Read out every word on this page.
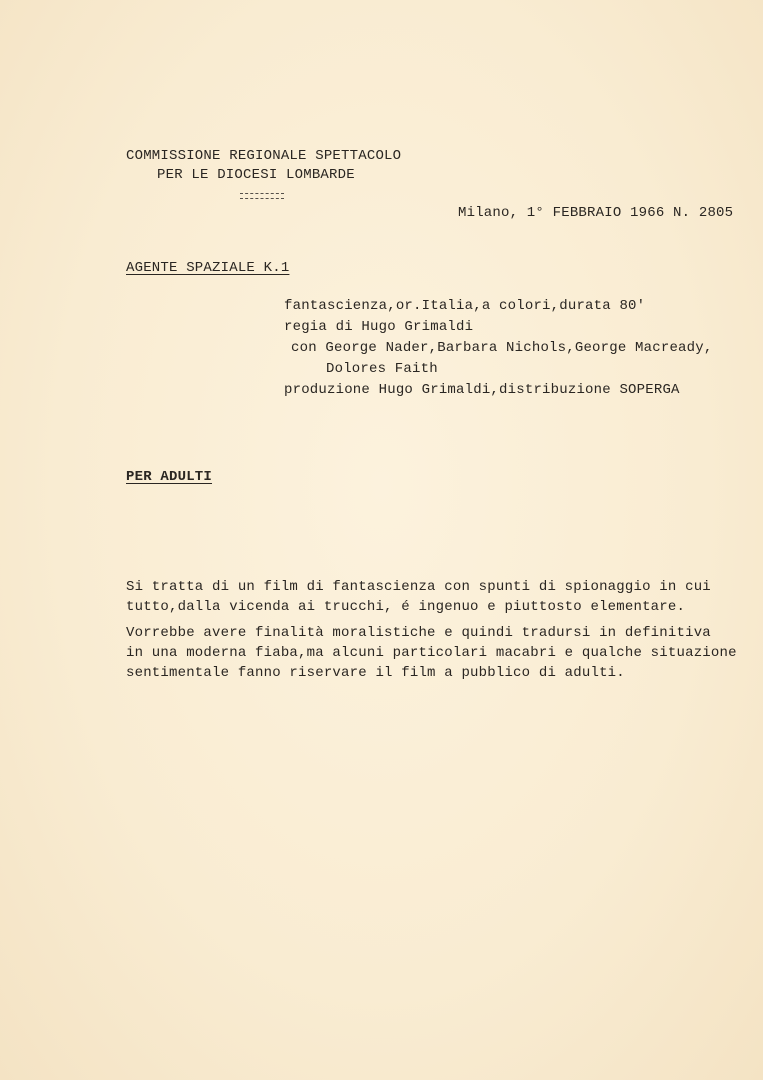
COMMISSIONE REGIONALE SPETTACOLO
PER LE DIOCESI LOMBARDE
Milano, 1° FEBBRAIO 1966 N. 2805
AGENTE SPAZIALE K.1
fantascienza,or.Italia,a colori,durata 80'
regia di Hugo Grimaldi
con George Nader,Barbara Nichols,George Macready,
Dolores Faith
produzione Hugo Grimaldi,distribuzione SOPERGA
PER ADULTI
Si tratta di un film di fantascienza con spunti di spionaggio in cui
tutto,dalla vicenda ai trucchi, é ingenuo e piuttosto elementare.
Vorrebbe avere finalità moralistiche e quindi tradursi in definitiva
in una moderna fiaba,ma alcuni particolari macabri e qualche situazione
sentimentale fanno riservare il film a pubblico di adulti.
